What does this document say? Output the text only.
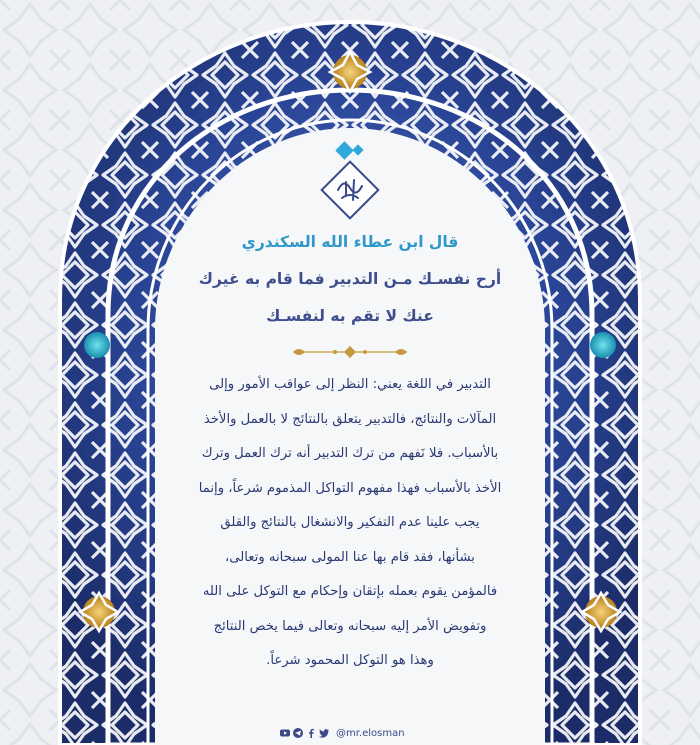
قال ابن عطاء الله السكندري

أرح نفسـك مـن التدبير فما قام به غيرك

عنك لا تقم به لنفسـك

التدبير في اللغة يعني: النظر إلى عواقب الأمور وإلى

المآلات والنتائج، فالتدبير يتعلق بالنتائج لا بالعمل والأخذ

بالأسباب. فلا نَفهم من ترك التدبير أنه ترك العمل وترك

الأخذ بالأسباب فهذا مفهوم التواكل المذموم شرعاً، وإنما

يجب علينا عدم التفكير والانشغال بالنتائج والقلق

بشأنها، فقد قام بها عنا المولى سبحانه وتعالى،

فالمؤمن يقوم بعمله بإتقان وإحكام مع التوكل على الله

وتفويض الأمر إليه سبحانه وتعالى فيما يخص النتائج

وهذا هو التوكل المحمود شرعاً.

@mr.elosman
